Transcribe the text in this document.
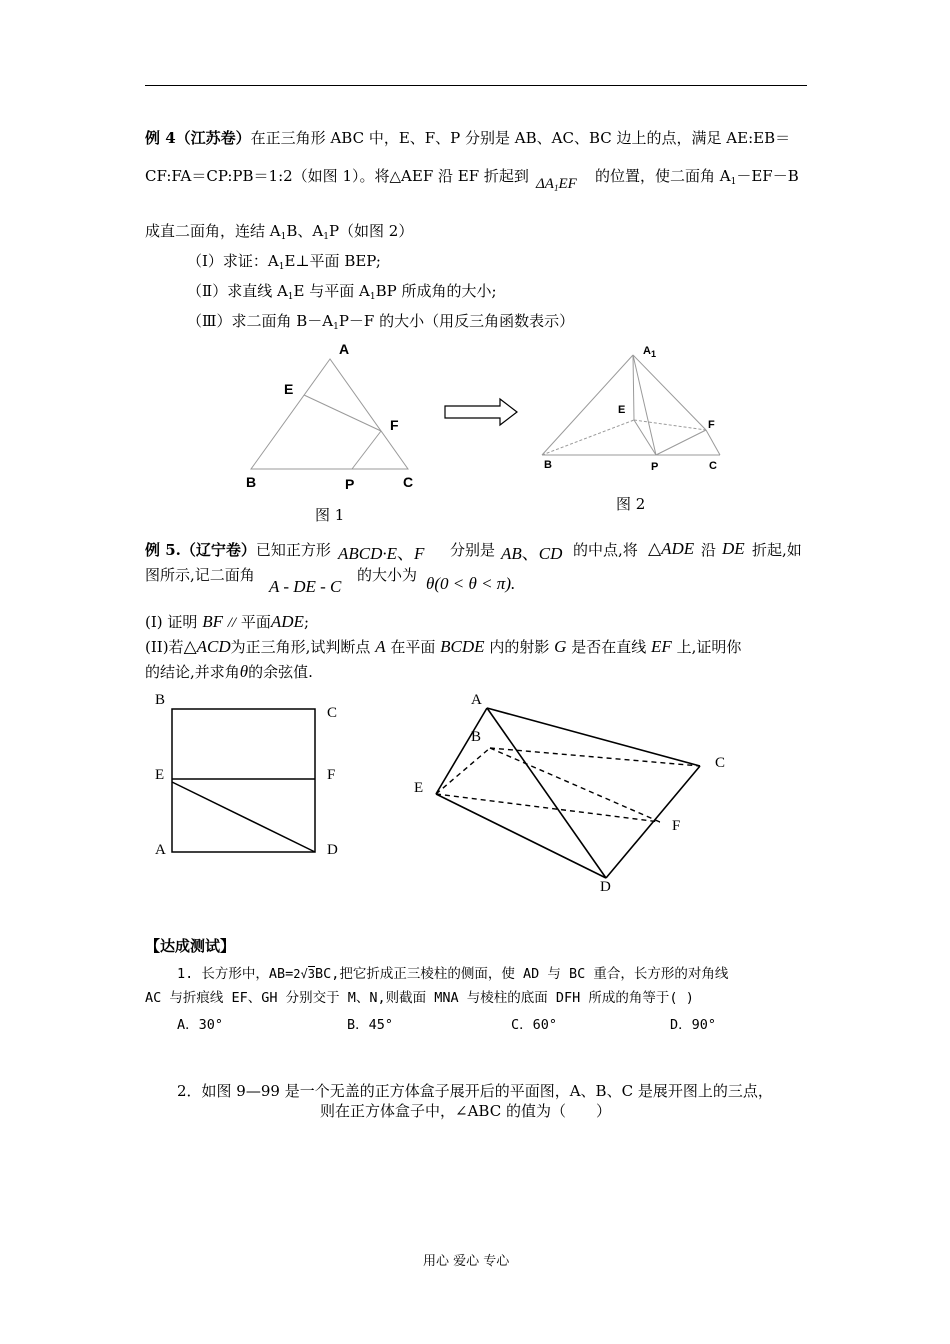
例 4（江苏卷）在正三角形 ABC 中，E、F、P 分别是 AB、AC、BC 边上的点，满足 AE:EB＝
CF:FA＝CP:PB＝1:2（如图 1）。将△AEF 沿 EF 折起到 $\Delta A_1EF$ 的位置，使二面角 $A_1-EF-B$
成直二面角，连结 $A_1B$、$A_1P$（如图 2）
（Ⅰ）求证：$A_1E\perp$平面 BEP;
（Ⅱ）求直线 $A_1E$ 与平面 $A_1BP$ 所成角的大小;
（Ⅲ）求二面角 $B-A_1P-F$ 的大小（用反三角函数表示）
A
E
F
B	P	C
图 1
$A_1$
E
F
B	P	C
图 2
例 5.（辽宁卷）已知正方形 ABCD·E、F 分别是 AB、CD 的中点,将 △ADE 沿 DE 折起,如
图所示,记二面角
A - DE - C
的大小为 θ(0 < θ < π).
(I) 证明 BF // 平面ADE;
(II)若△ACD为正三角形,试判断点 A 在平面 BCDE 内的射影 G 是否在直线 EF 上,证明你
的结论,并求角θ的余弦值.
B
C
E	F
A	D
A
B
C
E
F
D
【达成测试】
1. 长方形中，AB=2√3BC,把它折成正三棱柱的侧面，使 AD 与 BC 重合，长方形的对角线
AC 与折痕线 EF、GH 分别交于 M、N,则截面 MNA 与棱柱的底面 DFH 所成的角等于( )
A．30°	B．45°	C．60°	D．90°
2．如图 9—99 是一个无盖的正方体盒子展开后的平面图，A、B、C 是展开图上的三点，
则在正方体盒子中，∠ABC 的值为（　　）
用心 爱心 专心
